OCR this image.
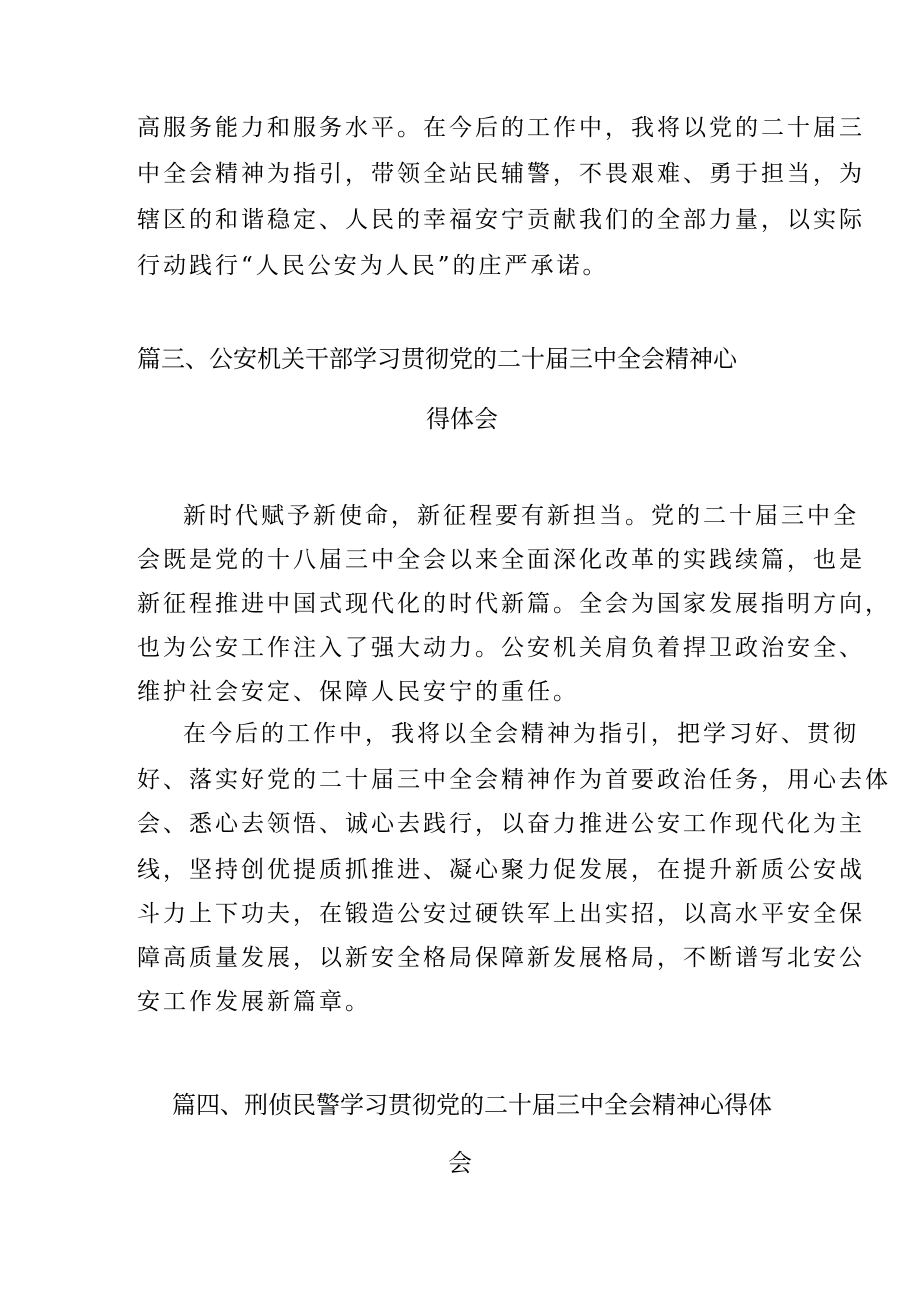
高服务能力和服务水平。在今后的工作中，我将以党的二十届三

中全会精神为指引，带领全站民辅警，不畏艰难、勇于担当，为

辖区的和谐稳定、人民的幸福安宁贡献我们的全部力量，以实际

行动践行“人民公安为人民”的庄严承诺。

篇三、公安机关干部学习贯彻党的二十届三中全会精神心
得体会

新时代赋予新使命，新征程要有新担当。党的二十届三中全

会既是党的十八届三中全会以来全面深化改革的实践续篇，也是

新征程推进中国式现代化的时代新篇。全会为国家发展指明方向，

也为公安工作注入了强大动力。公安机关肩负着捍卫政治安全、

维护社会安定、保障人民安宁的重任。

在今后的工作中，我将以全会精神为指引，把学习好、贯彻

好、落实好党的二十届三中全会精神作为首要政治任务，用心去体

会、悉心去领悟、诚心去践行，以奋力推进公安工作现代化为主

线，坚持创优提质抓推进、凝心聚力促发展，在提升新质公安战

斗力上下功夫，在锻造公安过硬铁军上出实招，以高水平安全保

障高质量发展，以新安全格局保障新发展格局，不断谱写北安公

安工作发展新篇章。

篇四、刑侦民警学习贯彻党的二十届三中全会精神心得体
会
